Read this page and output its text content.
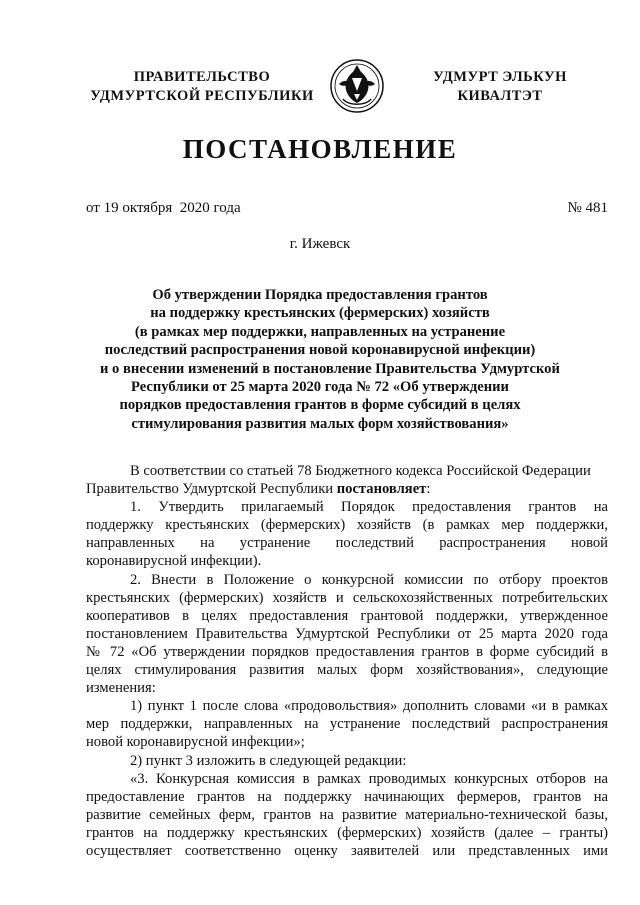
ПРАВИТЕЛЬСТВО
УДМУРТСКОЙ РЕСПУБЛИКИ
УДМУРТ ЭЛЬКУН
КИВАЛТЭТ
ПОСТАНОВЛЕНИЕ
от 19 октября  2020 года	№ 481
г. Ижевск
Об утверждении Порядка предоставления грантов
на поддержку крестьянских (фермерских) хозяйств
(в рамках мер поддержки, направленных на устранение
последствий распространения новой коронавирусной инфекции)
и о внесении изменений в постановление Правительства Удмуртской
Республики от 25 марта 2020 года № 72 «Об утверждении
порядков предоставления грантов в форме субсидий в целях
стимулирования развития малых форм хозяйствования»
В соответствии со статьей 78 Бюджетного кодекса Российской Федерации
Правительство Удмуртской Республики постановляет:
1. Утвердить прилагаемый Порядок предоставления грантов на
поддержку крестьянских (фермерских) хозяйств (в рамках мер поддержки,
направленных на устранение последствий распространения новой
коронавирусной инфекции).
2. Внести в Положение о конкурсной комиссии по отбору проектов
крестьянских (фермерских) хозяйств и сельскохозяйственных потребительских
кооперативов в целях предоставления грантовой поддержки, утвержденное
постановлением Правительства Удмуртской Республики от 25 марта 2020 года
№ 72 «Об утверждении порядков предоставления грантов в форме субсидий в
целях стимулирования развития малых форм хозяйствования», следующие
изменения:
1) пункт 1 после слова «продовольствия» дополнить словами «и в рамках
мер поддержки, направленных на устранение последствий распространения
новой коронавирусной инфекции»;
2) пункт 3 изложить в следующей редакции:
«3. Конкурсная комиссия в рамках проводимых конкурсных отборов на
предоставление грантов на поддержку начинающих фермеров, грантов на
развитие семейных ферм, грантов на развитие материально-технической базы,
грантов на поддержку крестьянских (фермерских) хозяйств (далее – гранты)
осуществляет соответственно оценку заявителей или представленных ими
